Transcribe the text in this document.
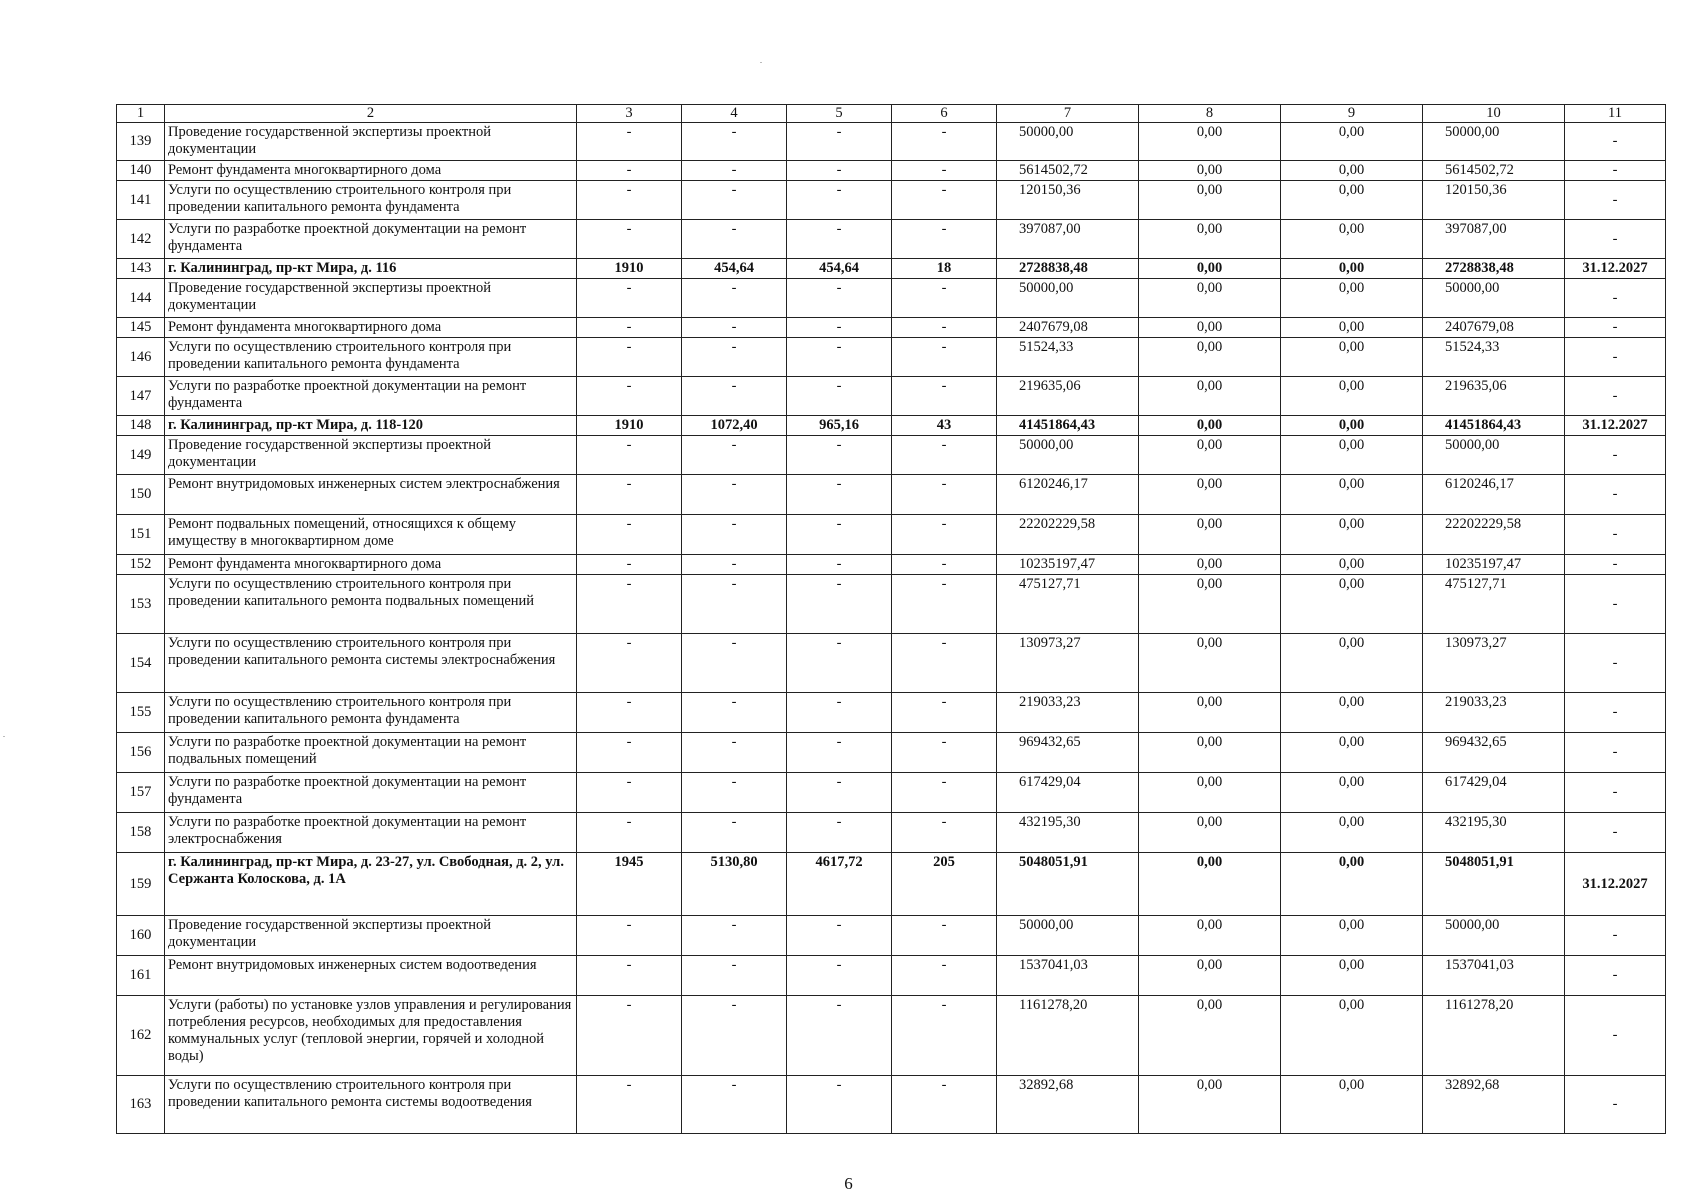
1	2	3	4	5	6	7	8	9	10	11
139	Проведение государственной экспертизы проектной документации	-	-	-	-	50000,00	0,00	0,00	50000,00	-
140	Ремонт фундамента многоквартирного дома	-	-	-	-	5614502,72	0,00	0,00	5614502,72	-
141	Услуги по осуществлению строительного контроля при проведении капитального ремонта фундамента	-	-	-	-	120150,36	0,00	0,00	120150,36	-
142	Услуги по разработке проектной документации на ремонт фундамента	-	-	-	-	397087,00	0,00	0,00	397087,00	-
143	г. Калининград, пр-кт Мира, д. 116	1910	454,64	454,64	18	2728838,48	0,00	0,00	2728838,48	31.12.2027
144	Проведение государственной экспертизы проектной документации	-	-	-	-	50000,00	0,00	0,00	50000,00	-
145	Ремонт фундамента многоквартирного дома	-	-	-	-	2407679,08	0,00	0,00	2407679,08	-
146	Услуги по осуществлению строительного контроля при проведении капитального ремонта фундамента	-	-	-	-	51524,33	0,00	0,00	51524,33	-
147	Услуги по разработке проектной документации на ремонт фундамента	-	-	-	-	219635,06	0,00	0,00	219635,06	-
148	г. Калининград, пр-кт Мира, д. 118-120	1910	1072,40	965,16	43	41451864,43	0,00	0,00	41451864,43	31.12.2027
149	Проведение государственной экспертизы проектной документации	-	-	-	-	50000,00	0,00	0,00	50000,00	-
150	Ремонт внутридомовых инженерных систем электроснабжения	-	-	-	-	6120246,17	0,00	0,00	6120246,17	-
151	Ремонт подвальных помещений, относящихся к общему имуществу в многоквартирном доме	-	-	-	-	22202229,58	0,00	0,00	22202229,58	-
152	Ремонт фундамента многоквартирного дома	-	-	-	-	10235197,47	0,00	0,00	10235197,47	-
153	Услуги по осуществлению строительного контроля при проведении капитального ремонта подвальных помещений	-	-	-	-	475127,71	0,00	0,00	475127,71	-
154	Услуги по осуществлению строительного контроля при проведении капитального ремонта системы электроснабжения	-	-	-	-	130973,27	0,00	0,00	130973,27	-
155	Услуги по осуществлению строительного контроля при проведении капитального ремонта фундамента	-	-	-	-	219033,23	0,00	0,00	219033,23	-
156	Услуги по разработке проектной документации на ремонт подвальных помещений	-	-	-	-	969432,65	0,00	0,00	969432,65	-
157	Услуги по разработке проектной документации на ремонт фундамента	-	-	-	-	617429,04	0,00	0,00	617429,04	-
158	Услуги по разработке проектной документации на ремонт электроснабжения	-	-	-	-	432195,30	0,00	0,00	432195,30	-
159	г. Калининград, пр-кт Мира, д. 23-27, ул. Свободная, д. 2, ул. Сержанта Колоскова, д. 1А	1945	5130,80	4617,72	205	5048051,91	0,00	0,00	5048051,91	31.12.2027
160	Проведение государственной экспертизы проектной документации	-	-	-	-	50000,00	0,00	0,00	50000,00	-
161	Ремонт внутридомовых инженерных систем водоотведения	-	-	-	-	1537041,03	0,00	0,00	1537041,03	-
162	Услуги (работы) по установке узлов управления и регулирования потребления ресурсов, необходимых для предоставления коммунальных услуг (тепловой энергии, горячей и холодной воды)	-	-	-	-	1161278,20	0,00	0,00	1161278,20	-
163	Услуги по осуществлению строительного контроля при проведении капитального ремонта системы водоотведения	-	-	-	-	32892,68	0,00	0,00	32892,68	-
6
